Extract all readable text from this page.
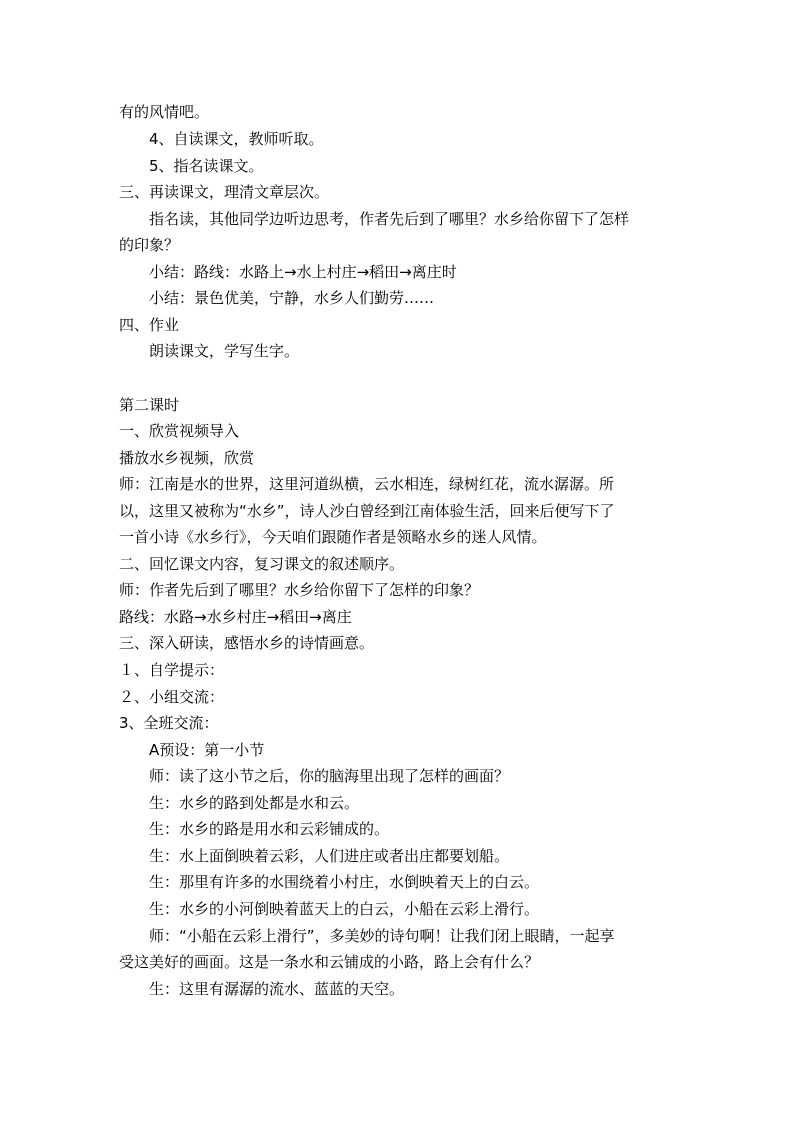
有的风情吧。
4、自读课文，教师听取。
5、指名读课文。
三、再读课文，理清文章层次。
指名读，其他同学边听边思考，作者先后到了哪里？水乡给你留下了怎样
的印象？
小结：路线：水路上→水上村庄→稻田→离庄时
小结：景色优美，宁静，水乡人们勤劳……
四、作业
朗读课文，学写生字。
第二课时
一、欣赏视频导入
播放水乡视频，欣赏
师：江南是水的世界，这里河道纵横，云水相连，绿树红花，流水潺潺。所
以，这里又被称为“水乡”，诗人沙白曾经到江南体验生活，回来后便写下了
一首小诗《水乡行》，今天咱们跟随作者是领略水乡的迷人风情。
二、回忆课文内容，复习课文的叙述顺序。
师：作者先后到了哪里？水乡给你留下了怎样的印象？
路线：水路→水乡村庄→稻田→离庄
三、深入研读，感悟水乡的诗情画意。
１、自学提示：
２、小组交流：
3、全班交流：
A预设：第一小节
师：读了这小节之后，你的脑海里出现了怎样的画面？
生：水乡的路到处都是水和云。
生：水乡的路是用水和云彩铺成的。
生：水上面倒映着云彩，人们进庄或者出庄都要划船。
生：那里有许多的水围绕着小村庄，水倒映着天上的白云。
生：水乡的小河倒映着蓝天上的白云，小船在云彩上滑行。
师：“小船在云彩上滑行”，多美妙的诗句啊！让我们闭上眼睛，一起享
受这美好的画面。这是一条水和云铺成的小路，路上会有什么？
生：这里有潺潺的流水、蓝蓝的天空。
